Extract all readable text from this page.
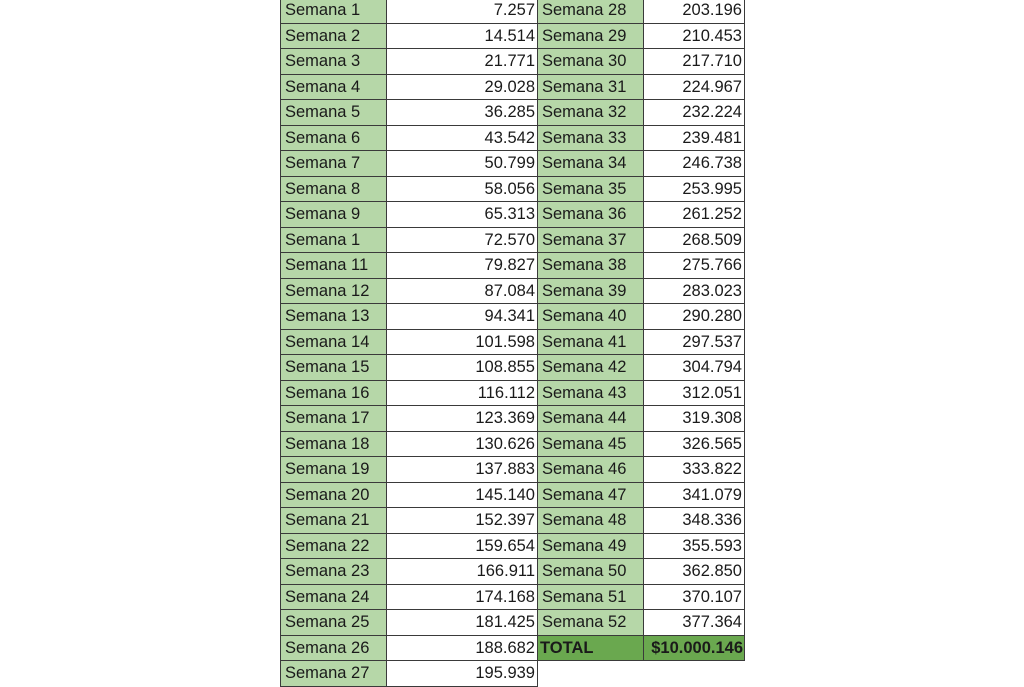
Semana 1	7.257 Semana 28	203.196
Semana 2	14.514 Semana 29	210.453
Semana 3	21.771 Semana 30	217.710
Semana 4	29.028 Semana 31	224.967
Semana 5	36.285 Semana 32	232.224
Semana 6	43.542 Semana 33	239.481
Semana 7	50.799 Semana 34	246.738
Semana 8	58.056 Semana 35	253.995
Semana 9	65.313 Semana 36	261.252
Semana 1	72.570 Semana 37	268.509
Semana 11	79.827 Semana 38	275.766
Semana 12	87.084 Semana 39	283.023
Semana 13	94.341 Semana 40	290.280
Semana 14	101.598 Semana 41	297.537
Semana 15	108.855 Semana 42	304.794
Semana 16	116.112 Semana 43	312.051
Semana 17	123.369 Semana 44	319.308
Semana 18	130.626 Semana 45	326.565
Semana 19	137.883 Semana 46	333.822
Semana 20	145.140 Semana 47	341.079
Semana 21	152.397 Semana 48	348.336
Semana 22	159.654 Semana 49	355.593
Semana 23	166.911 Semana 50	362.850
Semana 24	174.168 Semana 51	370.107
Semana 25	181.425 Semana 52	377.364
Semana 26	188.682 TOTAL	$10.000.146
Semana 27	195.939
